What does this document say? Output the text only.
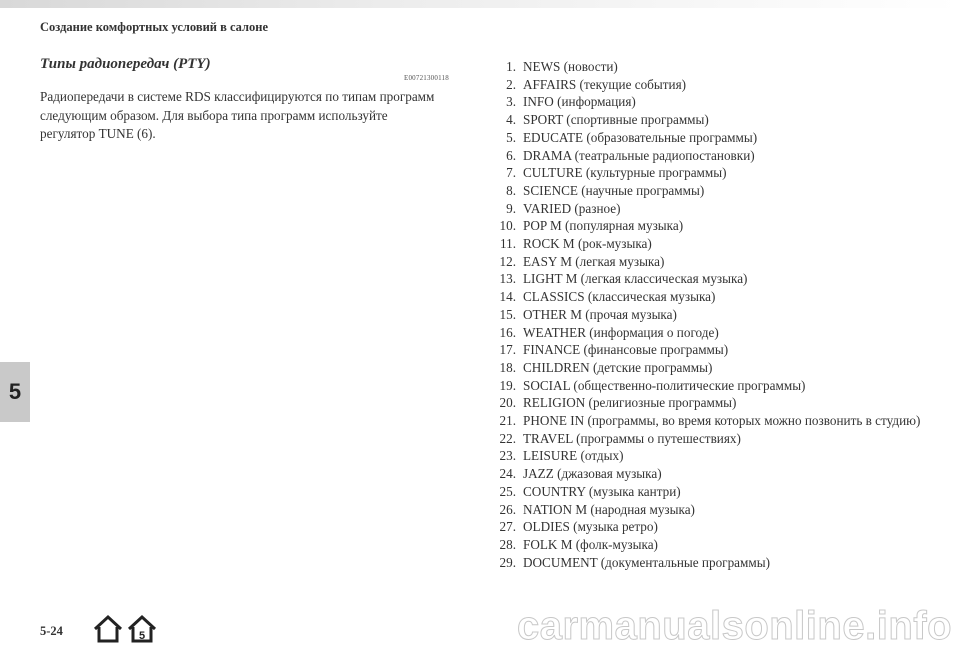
Создание комфортных условий в салоне
Типы радиопередач (PTY)
E00721300118
Радиопередачи в системе RDS классифицируются по типам программ следующим образом. Для выбора типа программ используйте регулятор TUNE (6).
1. NEWS (новости)
2. AFFAIRS (текущие события)
3. INFO (информация)
4. SPORT (спортивные программы)
5. EDUCATE (образовательные программы)
6. DRAMA (театральные радиопостановки)
7. CULTURE (культурные программы)
8. SCIENCE (научные программы)
9. VARIED (разное)
10. POP M (популярная музыка)
11. ROCK M (рок-музыка)
12. EASY M (легкая музыка)
13. LIGHT M (легкая классическая музыка)
14. CLASSICS (классическая музыка)
15. OTHER M (прочая музыка)
16. WEATHER (информация о погоде)
17. FINANCE (финансовые программы)
18. CHILDREN (детские программы)
19. SOCIAL (общественно-политические программы)
20. RELIGION (религиозные программы)
21. PHONE IN (программы, во время которых можно позвонить в студию)
22. TRAVEL (программы о путешествиях)
23. LEISURE (отдых)
24. JAZZ (джазовая музыка)
25. COUNTRY (музыка кантри)
26. NATION M (народная музыка)
27. OLDIES (музыка ретро)
28. FOLK M (фолк-музыка)
29. DOCUMENT (документальные программы)
5
5-24	5	carmanualsonline.info
